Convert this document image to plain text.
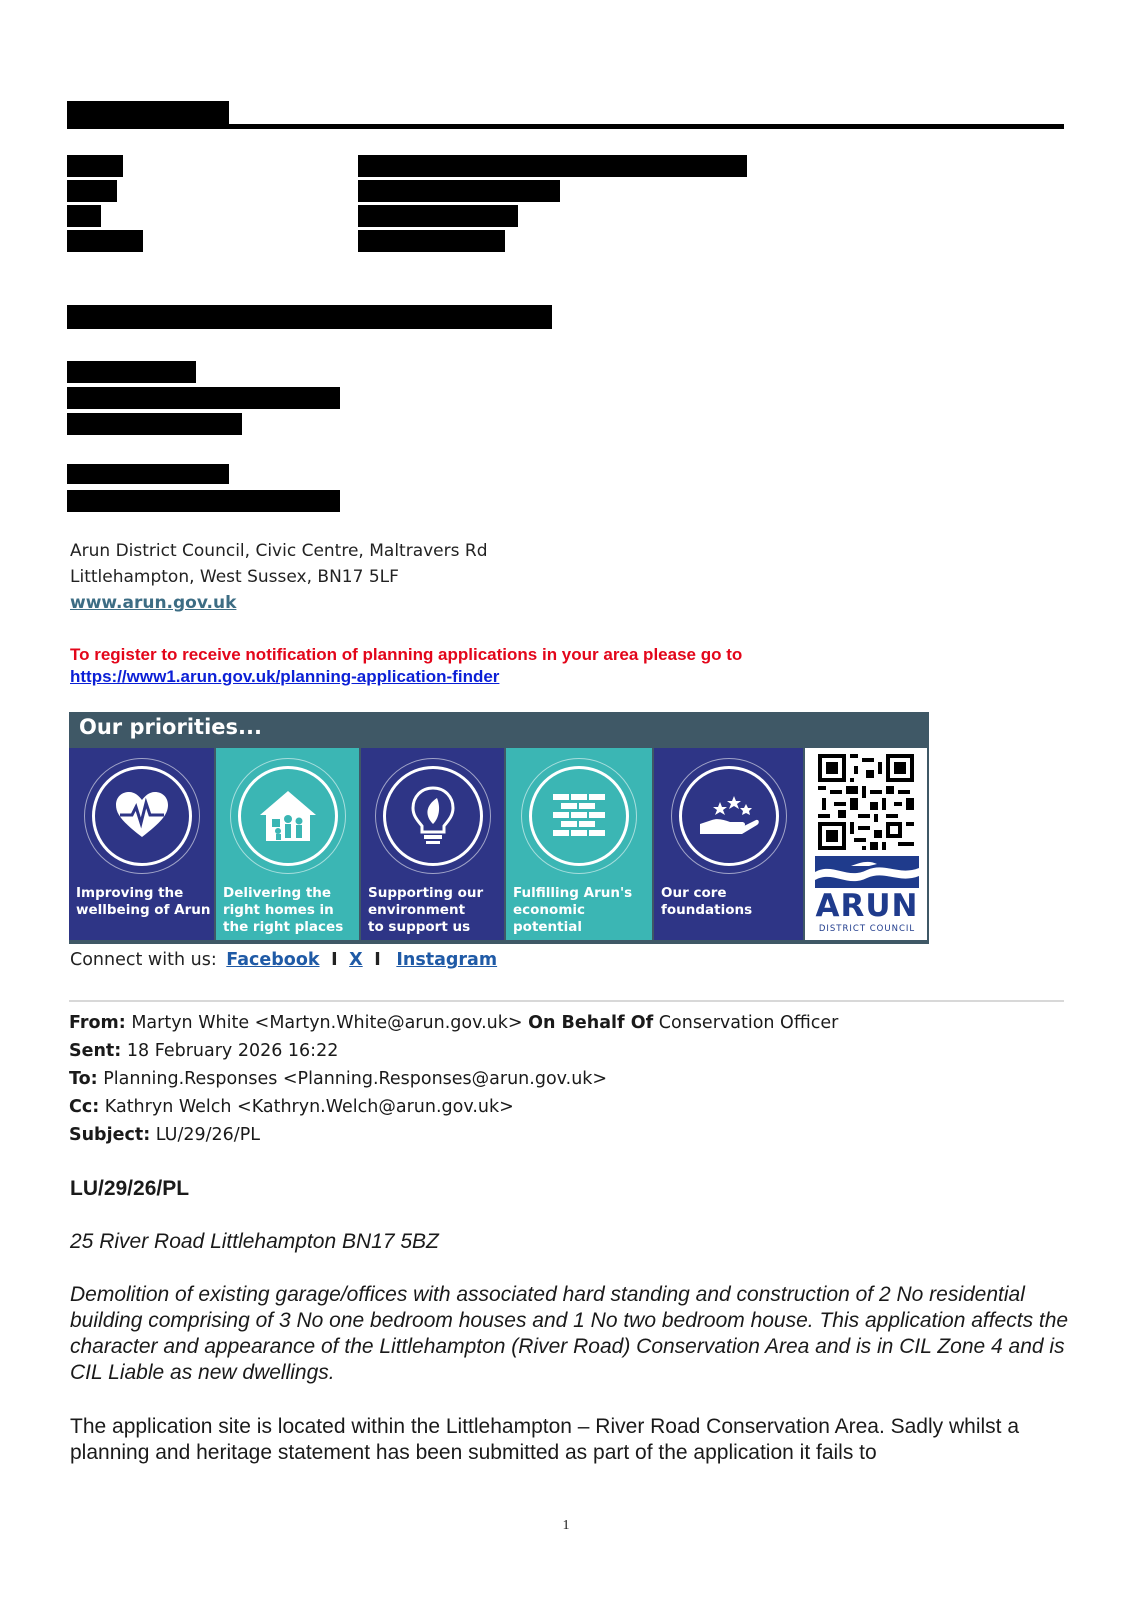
Arun District Council, Civic Centre, Maltravers Rd
Littlehampton, West Sussex, BN17 5LF
www.arun.gov.uk
To register to receive notification of planning applications in your area please go to
https://www1.arun.gov.uk/planning-application-finder
Our priorities...
Improving the
wellbeing of Arun
Delivering the
right homes in
the right places
Supporting our
environment
to support us
Fulfilling Arun's
economic
potential
Our core
foundations	ARUN
DISTRICT COUNCIL
Connect with us: Facebook I X I Instagram
From: Martyn White <Martyn.White@arun.gov.uk> On Behalf Of Conservation Officer
Sent: 18 February 2026 16:22
To: Planning.Responses <Planning.Responses@arun.gov.uk>
Cc: Kathryn Welch <Kathryn.Welch@arun.gov.uk>
Subject: LU/29/26/PL
LU/29/26/PL
25 River Road Littlehampton BN17 5BZ
Demolition of existing garage/offices with associated hard standing and construction of 2 No residential building comprising of 3 No one bedroom houses and 1 No two bedroom house. This application affects the character and appearance of the Littlehampton (River Road) Conservation Area and is in CIL Zone 4 and is CIL Liable as new dwellings.
The application site is located within the Littlehampton – River Road Conservation Area. Sadly whilst a planning and heritage statement has been submitted as part of the application it fails to
1
